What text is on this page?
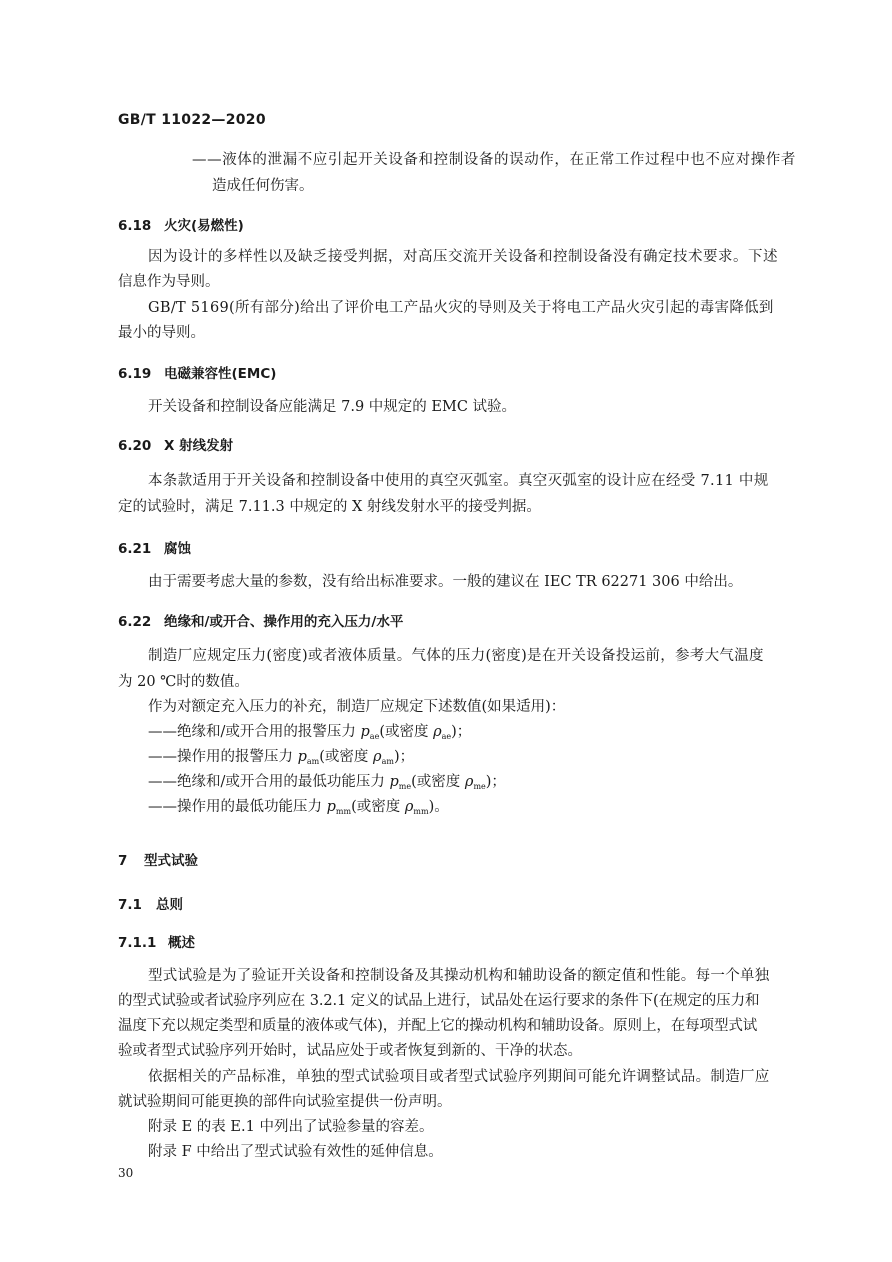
GB/T 11022—2020
——液体的泄漏不应引起开关设备和控制设备的误动作，在正常工作过程中也不应对操作者
造成任何伤害。
6.18 火灾(易燃性)
因为设计的多样性以及缺乏接受判据，对高压交流开关设备和控制设备没有确定技术要求。下述
信息作为导则。
GB/T 5169(所有部分)给出了评价电工产品火灾的导则及关于将电工产品火灾引起的毒害降低到
最小的导则。
6.19 电磁兼容性(EMC)
开关设备和控制设备应能满足 7.9 中规定的 EMC 试验。
6.20 X 射线发射
本条款适用于开关设备和控制设备中使用的真空灭弧室。真空灭弧室的设计应在经受 7.11 中规
定的试验时，满足 7.11.3 中规定的 X 射线发射水平的接受判据。
6.21 腐蚀
由于需要考虑大量的参数，没有给出标准要求。一般的建议在 IEC TR 62271 306 中给出。
6.22 绝缘和/或开合、操作用的充入压力/水平
制造厂应规定压力(密度)或者液体质量。气体的压力(密度)是在开关设备投运前，参考大气温度
为 20 ℃时的数值。
作为对额定充入压力的补充，制造厂应规定下述数值(如果适用)：
——绝缘和/或开合用的报警压力 $p_{ae}$(或密度 $\rho_{ae}$)；
——操作用的报警压力 $p_{am}$(或密度 $\rho_{am}$)；
——绝缘和/或开合用的最低功能压力 $p_{me}$(或密度 $\rho_{me}$)；
——操作用的最低功能压力 $p_{mm}$(或密度 $\rho_{mm}$)。
7 型式试验
7.1 总则
7.1.1 概述
型式试验是为了验证开关设备和控制设备及其操动机构和辅助设备的额定值和性能。每一个单独
的型式试验或者试验序列应在 3.2.1 定义的试品上进行，试品处在运行要求的条件下(在规定的压力和
温度下充以规定类型和质量的液体或气体)，并配上它的操动机构和辅助设备。原则上，在每项型式试
验或者型式试验序列开始时，试品应处于或者恢复到新的、干净的状态。
依据相关的产品标准，单独的型式试验项目或者型式试验序列期间可能允许调整试品。制造厂应
就试验期间可能更换的部件向试验室提供一份声明。
附录 E 的表 E.1 中列出了试验参量的容差。
附录 F 中给出了型式试验有效性的延伸信息。
30
